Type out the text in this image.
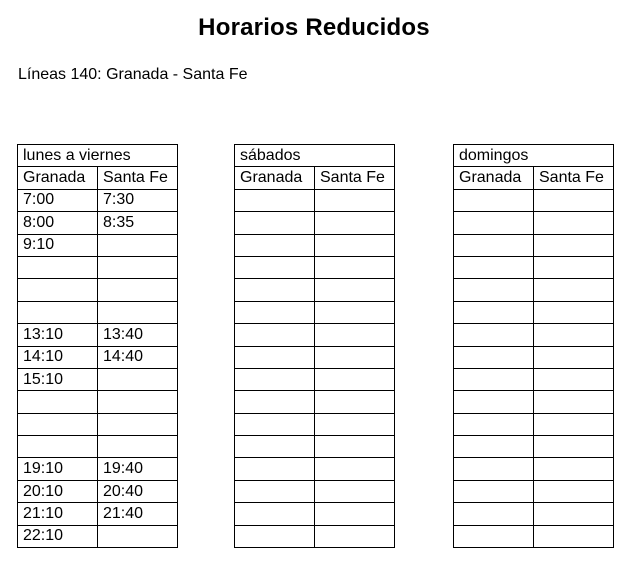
Horarios Reducidos
Líneas 140: Granada - Santa Fe
lunes a viernes	
Granada	Santa Fe
7:00	7:30
8:00	8:35
9:10	

13:10	13:40
14:10	14:40
15:10	

19:10	19:40
20:10	20:40
21:10	21:40
22:10	
sábados	
Granada	Santa Fe

domingos	
Granada	Santa Fe
